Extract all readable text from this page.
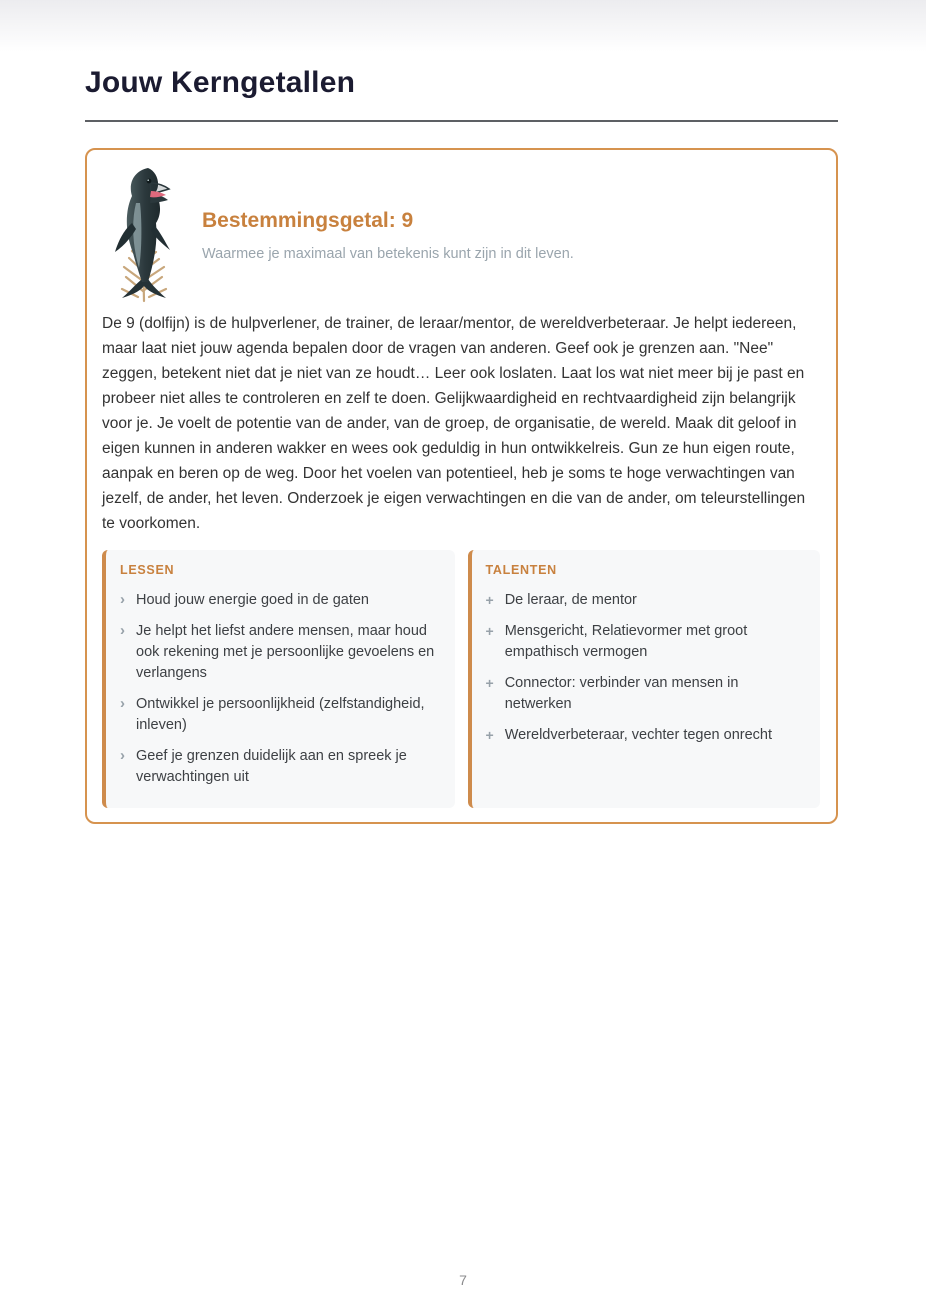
Jouw Kerngetallen
Bestemmingsgetal: 9

Waarmee je maximaal van betekenis kunt zijn in dit leven.

De 9 (dolfijn) is de hulpverlener, de trainer, de leraar/mentor, de wereldverbeteraar. Je helpt iedereen, maar laat niet jouw agenda bepalen door de vragen van anderen. Geef ook je grenzen aan. "Nee" zeggen, betekent niet dat je niet van ze houdt… Leer ook loslaten. Laat los wat niet meer bij je past en probeer niet alles te controleren en zelf te doen. Gelijkwaardigheid en rechtvaardigheid zijn belangrijk voor je. Je voelt de potentie van de ander, van de groep, de organisatie, de wereld. Maak dit geloof in eigen kunnen in anderen wakker en wees ook geduldig in hun ontwikkelreis. Gun ze hun eigen route, aanpak en beren op de weg. Door het voelen van potentieel, heb je soms te hoge verwachtingen van jezelf, de ander, het leven. Onderzoek je eigen verwachtingen en die van de ander, om teleurstellingen te voorkomen.

LESSEN
› Houd jouw energie goed in de gaten
› Je helpt het liefst andere mensen, maar houd ook rekening met je persoonlijke gevoelens en verlangens
› Ontwikkel je persoonlijkheid (zelfstandigheid, inleven)
› Geef je grenzen duidelijk aan en spreek je verwachtingen uit
TALENTEN
+ De leraar, de mentor
+ Mensgericht, Relatievormer met groot empathisch vermogen
+ Connector: verbinder van mensen in netwerken
+ Wereldverbeteraar, vechter tegen onrecht
7
